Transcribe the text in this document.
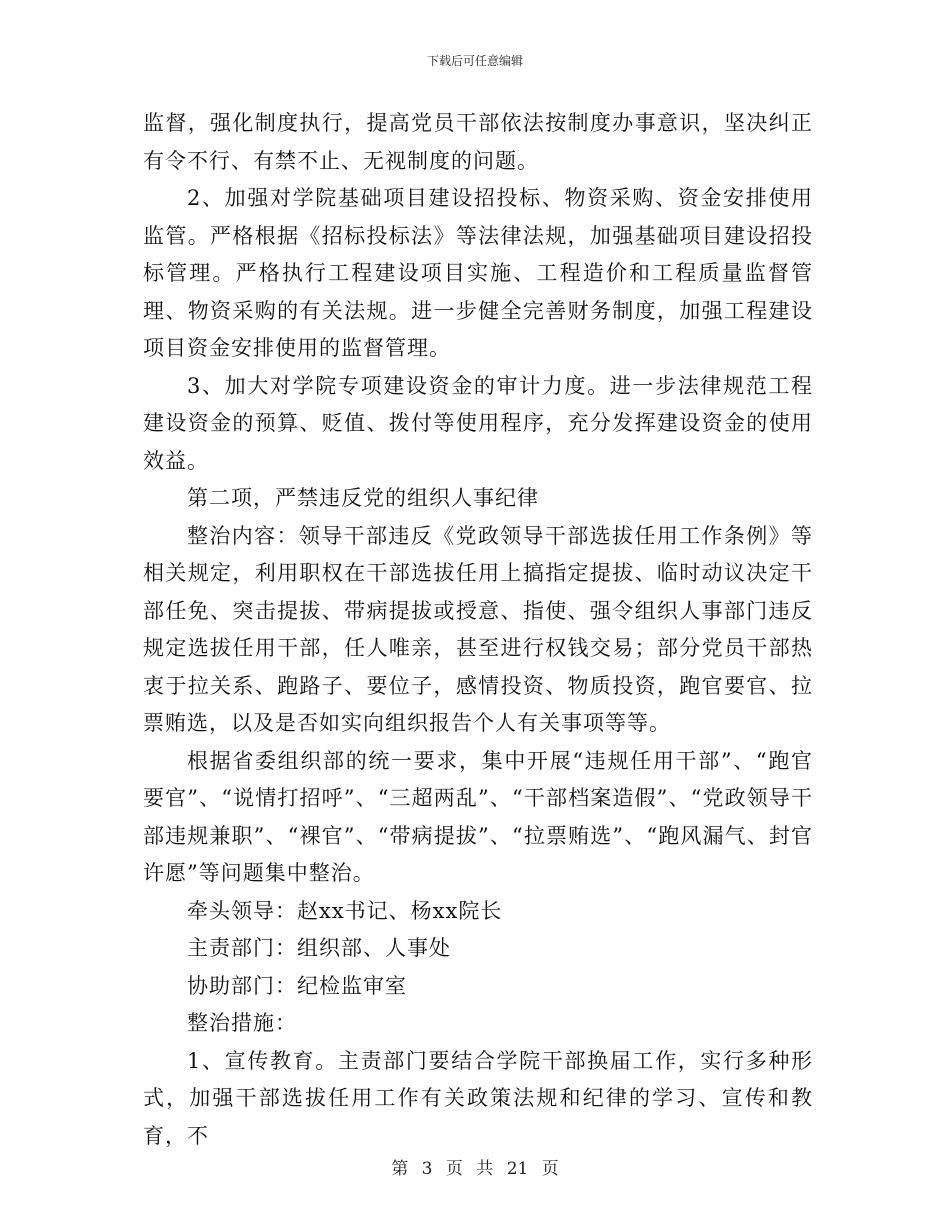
下载后可任意编辑

监督，强化制度执行，提高党员干部依法按制度办事意识，坚决纠正有令不行、有禁不止、无视制度的问题。

2、加强对学院基础项目建设招投标、物资采购、资金安排使用监管。严格根据《招标投标法》等法律法规，加强基础项目建设招投标管理。严格执行工程建设项目实施、工程造价和工程质量监督管理、物资采购的有关法规。进一步健全完善财务制度，加强工程建设项目资金安排使用的监督管理。

3、加大对学院专项建设资金的审计力度。进一步法律规范工程建设资金的预算、贬值、拨付等使用程序，充分发挥建设资金的使用效益。

第二项，严禁违反党的组织人事纪律

整治内容：领导干部违反《党政领导干部选拔任用工作条例》等相关规定，利用职权在干部选拔任用上搞指定提拔、临时动议决定干部任免、突击提拔、带病提拔或授意、指使、强令组织人事部门违反规定选拔任用干部，任人唯亲，甚至进行权钱交易；部分党员干部热衷于拉关系、跑路子、要位子，感情投资、物质投资，跑官要官、拉票贿选，以及是否如实向组织报告个人有关事项等等。

根据省委组织部的统一要求，集中开展“违规任用干部”、“跑官要官”、“说情打招呼”、“三超两乱”、“干部档案造假”、“党政领导干部违规兼职”、“裸官”、“带病提拔”、“拉票贿选”、“跑风漏气、封官许愿”等问题集中整治。

牵头领导：赵xx书记、杨xx院长

主责部门：组织部、人事处

协助部门：纪检监审室

整治措施：

1、宣传教育。主责部门要结合学院干部换届工作，实行多种形式，加强干部选拔任用工作有关政策法规和纪律的学习、宣传和教育，不

第 3 页 共 21 页
